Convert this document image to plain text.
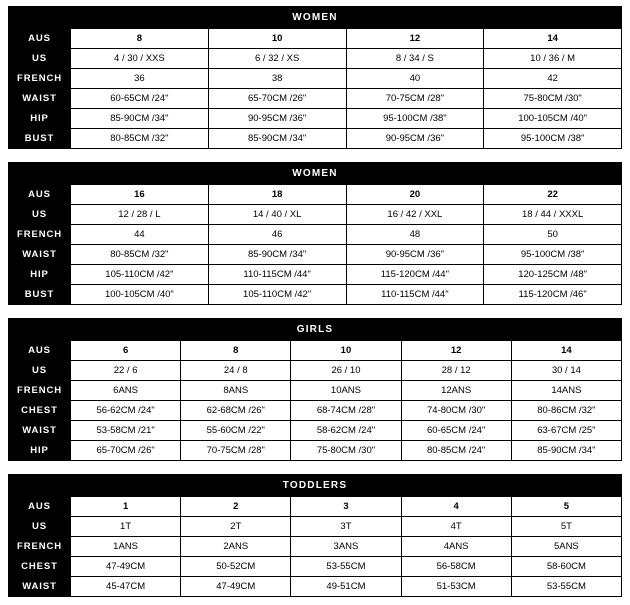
WOMEN
AUS	8	10	12	14
US	4 / 30 / XXS	6 / 32 / XS	8 / 34 / S	10 / 36 / M
FRENCH	36	38	40	42
WAIST	60-65CM /24"	65-70CM /26"	70-75CM /28"	75-80CM /30"
HIP	85-90CM /34"	90-95CM /36"	95-100CM /38"	100-105CM /40"
BUST	80-85CM /32"	85-90CM /34"	90-95CM /36"	95-100CM /38"
WOMEN
AUS	16	18	20	22
US	12 / 28 / L	14 / 40 / XL	16 / 42 / XXL	18 / 44 / XXXL
FRENCH	44	46	48	50
WAIST	80-85CM /32"	85-90CM /34"	90-95CM /36"	95-100CM /38"
HIP	105-110CM /42"	110-115CM /44"	115-120CM /44"	120-125CM /48"
BUST	100-105CM /40"	105-110CM /42"	110-115CM /44"	115-120CM /46"
GIRLS
AUS	6	8	10	12	14
US	22 / 6	24 / 8	26 / 10	28 / 12	30 / 14
FRENCH	6ANS	8ANS	10ANS	12ANS	14ANS
CHEST	56-62CM /24"	62-68CM /26"	68-74CM /28"	74-80CM /30"	80-86CM /32"
WAIST	53-58CM /21"	55-60CM /22"	58-62CM /24"	60-65CM /24"	63-67CM /25"
HIP	65-70CM /26"	70-75CM /28"	75-80CM /30"	80-85CM /24"	85-90CM /34"
TODDLERS
AUS	1	2	3	4	5
US	1T	2T	3T	4T	5T
FRENCH	1ANS	2ANS	3ANS	4ANS	5ANS
CHEST	47-49CM	50-52CM	53-55CM	56-58CM	58-60CM
WAIST	45-47CM	47-49CM	49-51CM	51-53CM	53-55CM
